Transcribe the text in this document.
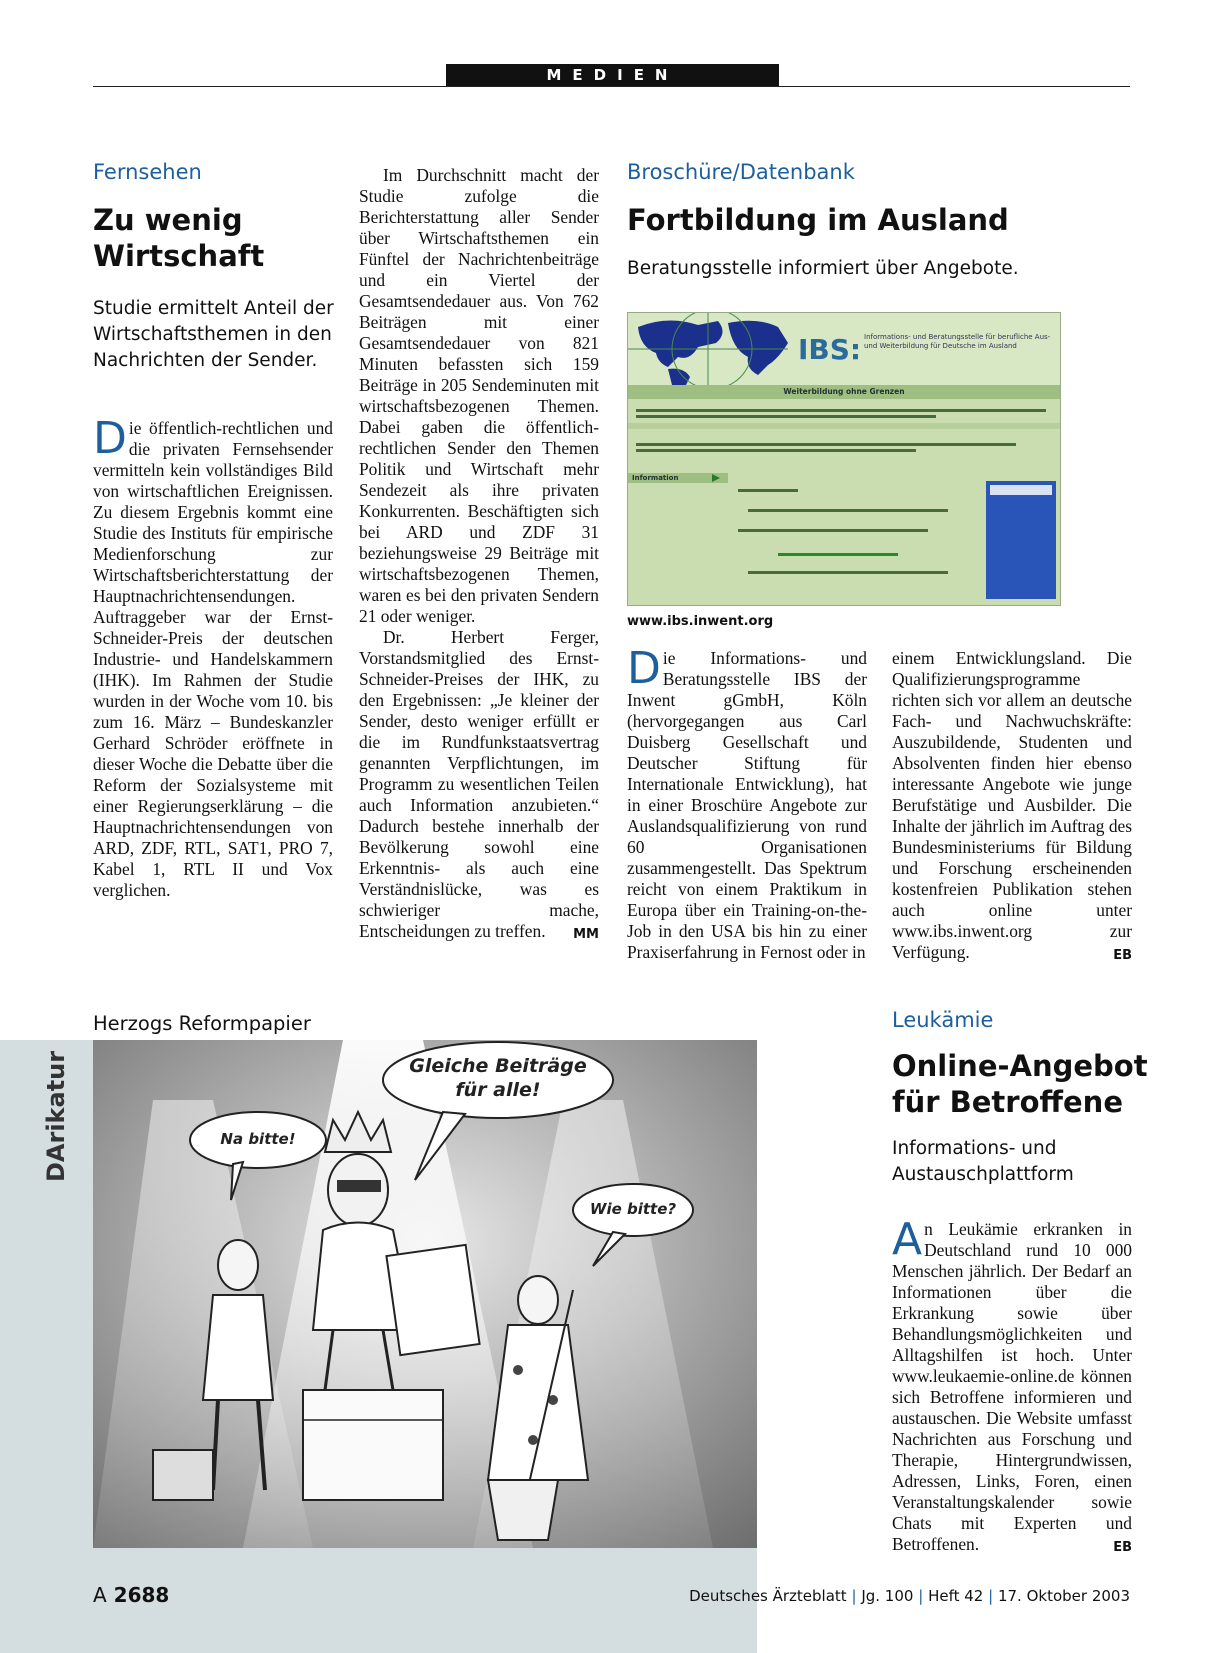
MEDIEN
Fernsehen
Zu wenig
Wirtschaft
Studie ermittelt Anteil der Wirtschaftsthemen in den Nachrichten der Sender.
D ie öffentlich-rechtlichen und die privaten Fernsehsender vermitteln kein vollständiges Bild von wirtschaftlichen Ereignissen. Zu diesem Ergebnis kommt eine Studie des Instituts für empirische Medienforschung zur Wirtschaftsberichterstattung der Hauptnachrichtensendungen. Auftraggeber war der Ernst-Schneider-Preis der deutschen Industrie- und Handelskammern (IHK). Im Rahmen der Studie wurden in der Woche vom 10. bis zum 16. März – Bundeskanzler Gerhard Schröder eröffnete in dieser Woche die Debatte über die Reform der Sozialsysteme mit einer Regierungserklärung – die Hauptnachrichtensendungen von ARD, ZDF, RTL, SAT1, PRO 7, Kabel 1, RTL II und Vox verglichen.

Im Durchschnitt macht der Studie zufolge die Berichterstattung aller Sender über Wirtschaftsthemen ein Fünftel der Nachrichtenbeiträge und ein Viertel der Gesamtsendedauer aus. Von 762 Beiträgen mit einer Gesamtsendedauer von 821 Minuten befassten sich 159 Beiträge in 205 Sendeminuten mit wirtschaftsbezogenen Themen. Dabei gaben die öffentlich-rechtlichen Sender den Themen Politik und Wirtschaft mehr Sendezeit als ihre privaten Konkurrenten. Beschäftigten sich bei ARD und ZDF 31 beziehungsweise 29 Beiträge mit wirtschaftsbezogenen Themen, waren es bei den privaten Sendern 21 oder weniger.

Dr. Herbert Ferger, Vorstandsmitglied des Ernst-Schneider-Preises der IHK, zu den Ergebnissen: „Je kleiner der Sender, desto weniger erfüllt er die im Rundfunkstaatsvertrag genannten Verpflichtungen, im Programm zu wesentlichen Teilen auch Information anzubieten.“ Dadurch bestehe innerhalb der Bevölkerung sowohl eine Erkenntnis- als auch eine Verständnislücke, was es schwieriger mache, Entscheidungen zu treffen.	MM

Broschüre/Datenbank
Fortbildung im Ausland
Beratungsstelle informiert über Angebote.
IBS: Informations- und Beratungsstelle für berufliche Aus- und Weiterbildung für Deutsche im Ausland
Weiterbildung ohne Grenzen
Information
www.ibs.inwent.org
D ie Informations- und Beratungsstelle IBS der Inwent gGmbH, Köln (hervorgegangen aus Carl Duisberg Gesellschaft und Deutscher Stiftung für Internationale Entwicklung), hat in einer Broschüre Angebote zur Auslandsqualifizierung von rund 60 Organisationen zusammengestellt. Das Spektrum reicht von einem Praktikum in Europa über ein Training-on-the-Job in den USA bis hin zu einer Praxiserfahrung in Fernost oder in

einem Entwicklungsland. Die Qualifizierungsprogramme richten sich vor allem an deutsche Fach- und Nachwuchskräfte: Auszubildende, Studenten und Absolventen finden hier ebenso interessante Angebote wie junge Berufstätige und Ausbilder. Die Inhalte der jährlich im Auftrag des Bundesministeriums für Bildung und Forschung erscheinenden kostenfreien Publikation stehen auch online unter www.ibs.inwent.org zur Verfügung.	EB

Herzogs Reformpapier
DArikatur	Gleiche Beiträge für alle!
Na bitte!
Wie bitte?
Leukämie
Online-Angebot
für Betroffene
Informations- und Austauschplattform
A n Leukämie erkranken in Deutschland rund 10 000 Menschen jährlich. Der Bedarf an Informationen über die Erkrankung sowie über Behandlungsmöglichkeiten und Alltagshilfen ist hoch. Unter www.leukaemie-online.de können sich Betroffene informieren und austauschen. Die Website umfasst Nachrichten aus Forschung und Therapie, Hintergrundwissen, Adressen, Links, Foren, einen Veranstaltungskalender sowie Chats mit Experten und Betroffenen.	EB

A 2688	Deutsches Ärzteblatt | Jg. 100 | Heft 42 | 17. Oktober 2003
